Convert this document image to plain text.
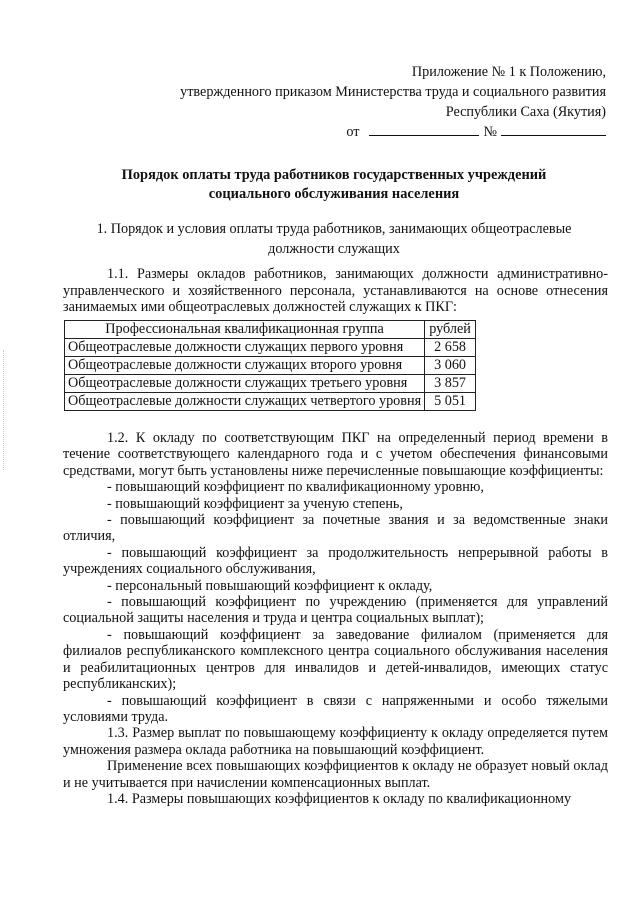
Приложение № 1 к Положению,
утвержденного приказом Министерства труда и социального развития
Республики Саха (Якутия)
от	№
Порядок оплаты труда работников государственных учреждений
социального обслуживания населения
1. Порядок и условия оплаты труда работников, занимающих общеотраслевые
должности служащих

1.1. Размеры окладов работников, занимающих должности административно-управленческого и хозяйственного персонала, устанавливаются на основе отнесения занимаемых ими общеотраслевых должностей служащих к ПКГ:

Профессиональная квалификационная группа	рублей
Общеотраслевые должности служащих первого уровня	2 658
Общеотраслевые должности служащих второго уровня	3 060
Общеотраслевые должности служащих третьего уровня	3 857
Общеотраслевые должности служащих четвертого уровня	5 051

1.2. К окладу по соответствующим ПКГ на определенный период времени в течение соответствующего календарного года и с учетом обеспечения финансовыми средствами, могут быть установлены ниже перечисленные повышающие коэффициенты:

- повышающий коэффициент по квалификационному уровню,

- повышающий коэффициент за ученую степень,

- повышающий коэффициент за почетные звания и за ведомственные знаки отличия,

- повышающий коэффициент за продолжительность непрерывной работы в учреждениях социального обслуживания,

- персональный повышающий коэффициент к окладу,

- повышающий коэффициент по учреждению (применяется для управлений социальной защиты населения и труда и центра социальных выплат);

- повышающий коэффициент за заведование филиалом (применяется для филиалов республиканского комплексного центра социального обслуживания населения и реабилитационных центров для инвалидов и детей-инвалидов, имеющих статус республиканских);

- повышающий коэффициент в связи с напряженными и особо тяжелыми условиями труда.

1.3. Размер выплат по повышающему коэффициенту к окладу определяется путем умножения размера оклада работника на повышающий коэффициент.

Применение всех повышающих коэффициентов к окладу не образует новый оклад и не учитывается при начислении компенсационных выплат.

1.4. Размеры повышающих коэффициентов к окладу по квалификационному
